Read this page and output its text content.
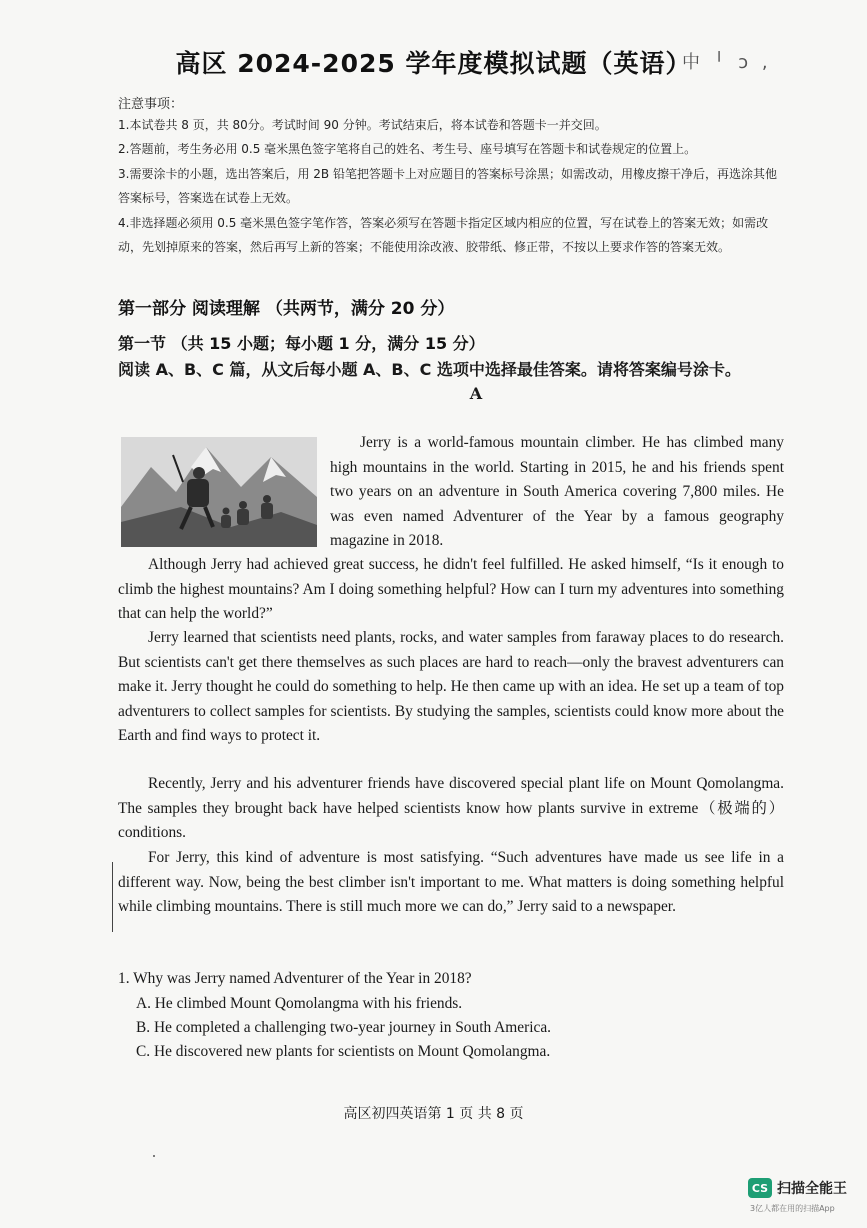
高区 2024-2025 学年度模拟试题（英语）
中 ╵ ↄ ,
注意事项：
1.本试卷共 8 页，共 80分。考试时间 90 分钟。考试结束后，将本试卷和答题卡一并交回。
2.答题前，考生务必用 0.5 毫米黑色签字笔将自己的姓名、考生号、座号填写在答题卡和试卷规定的位置上。
3.需要涂卡的小题，选出答案后，用 2B 铅笔把答题卡上对应题目的答案标号涂黑；如需改动，用橡皮擦干净后，再选涂其他答案标号，答案选在试卷上无效。
4.非选择题必须用 0.5 毫米黑色签字笔作答，答案必须写在答题卡指定区域内相应的位置，写在试卷上的答案无效；如需改动，先划掉原来的答案，然后再写上新的答案；不能使用涂改液、胶带纸、修正带，不按以上要求作答的答案无效。
第一部分 阅读理解 （共两节，满分 20 分）
第一节 （共 15 小题；每小题 1 分，满分 15 分）
阅读 A、B、C 篇，从文后每小题 A、B、C 选项中选择最佳答案。请将答案编号涂卡。
A
Jerry is a world-famous mountain climber. He has climbed many high mountains in the world. Starting in 2015, he and his friends spent two years on an adventure in South America covering 7,800 miles. He was even named Adventurer of the Year by a famous geography magazine in 2018.
Although Jerry had achieved great success, he didn't feel fulfilled. He asked himself, “Is it enough to climb the highest mountains? Am I doing something helpful? How can I turn my adventures into something that can help the world?”
Jerry learned that scientists need plants, rocks, and water samples from faraway places to do research. But scientists can't get there themselves as such places are hard to reach—only the bravest adventurers can make it. Jerry thought he could do something to help. He then came up with an idea. He set up a team of top adventurers to collect samples for scientists. By studying the samples, scientists could know more about the Earth and find ways to protect it.
Recently, Jerry and his adventurer friends have discovered special plant life on Mount Qomolangma. The samples they brought back have helped scientists know how plants survive in extreme（极端的）conditions.
For Jerry, this kind of adventure is most satisfying. “Such adventures have made us see life in a different way. Now, being the best climber isn't important to me. What matters is doing something helpful while climbing mountains. There is still much more we can do,” Jerry said to a newspaper.
1. Why was Jerry named Adventurer of the Year in 2018?
A. He climbed Mount Qomolangma with his friends.
B. He completed a challenging two-year journey in South America.
C. He discovered new plants for scientists on Mount Qomolangma.
高区初四英语第 1 页 共 8 页
CS 扫描全能王
3亿人都在用的扫描App
